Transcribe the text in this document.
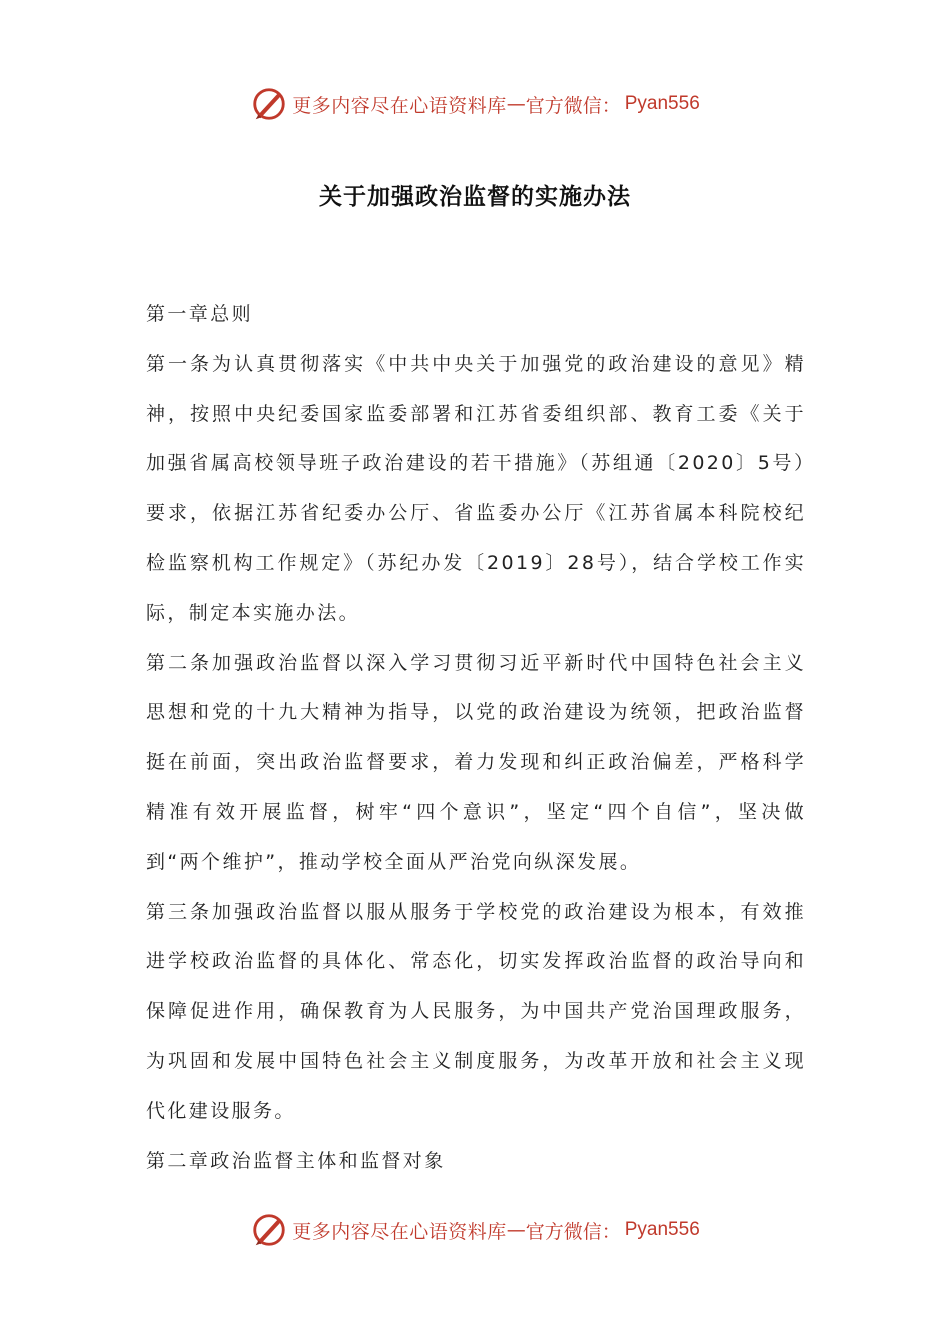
更多内容尽在心语资料库 — 官方微信： Pyan556
关于加强政治监督的实施办法

第一章总则

第一条为认真贯彻落实《中共中央关于加强党的政治建设的意见》精神，按照中央纪委国家监委部署和江苏省委组织部、教育工委《关于加强省属高校领导班子政治建设的若干措施》（苏组通〔2020〕5号）要求，依据江苏省纪委办公厅、省监委办公厅《江苏省属本科院校纪检监察机构工作规定》（苏纪办发〔2019〕28号），结合学校工作实际，制定本实施办法。

第二条加强政治监督以深入学习贯彻习近平新时代中国特色社会主义思想和党的十九大精神为指导，以党的政治建设为统领，把政治监督挺在前面，突出政治监督要求，着力发现和纠正政治偏差，严格科学精准有效开展监督，树牢“四个意识”，坚定“四个自信”，坚决做到“两个维护”，推动学校全面从严治党向纵深发展。

第三条加强政治监督以服从服务于学校党的政治建设为根本，有效推进学校政治监督的具体化、常态化，切实发挥政治监督的政治导向和保障促进作用，确保教育为人民服务，为中国共产党治国理政服务，为巩固和发展中国特色社会主义制度服务，为改革开放和社会主义现代化建设服务。

第二章政治监督主体和监督对象

更多内容尽在心语资料库 — 官方微信： Pyan556
